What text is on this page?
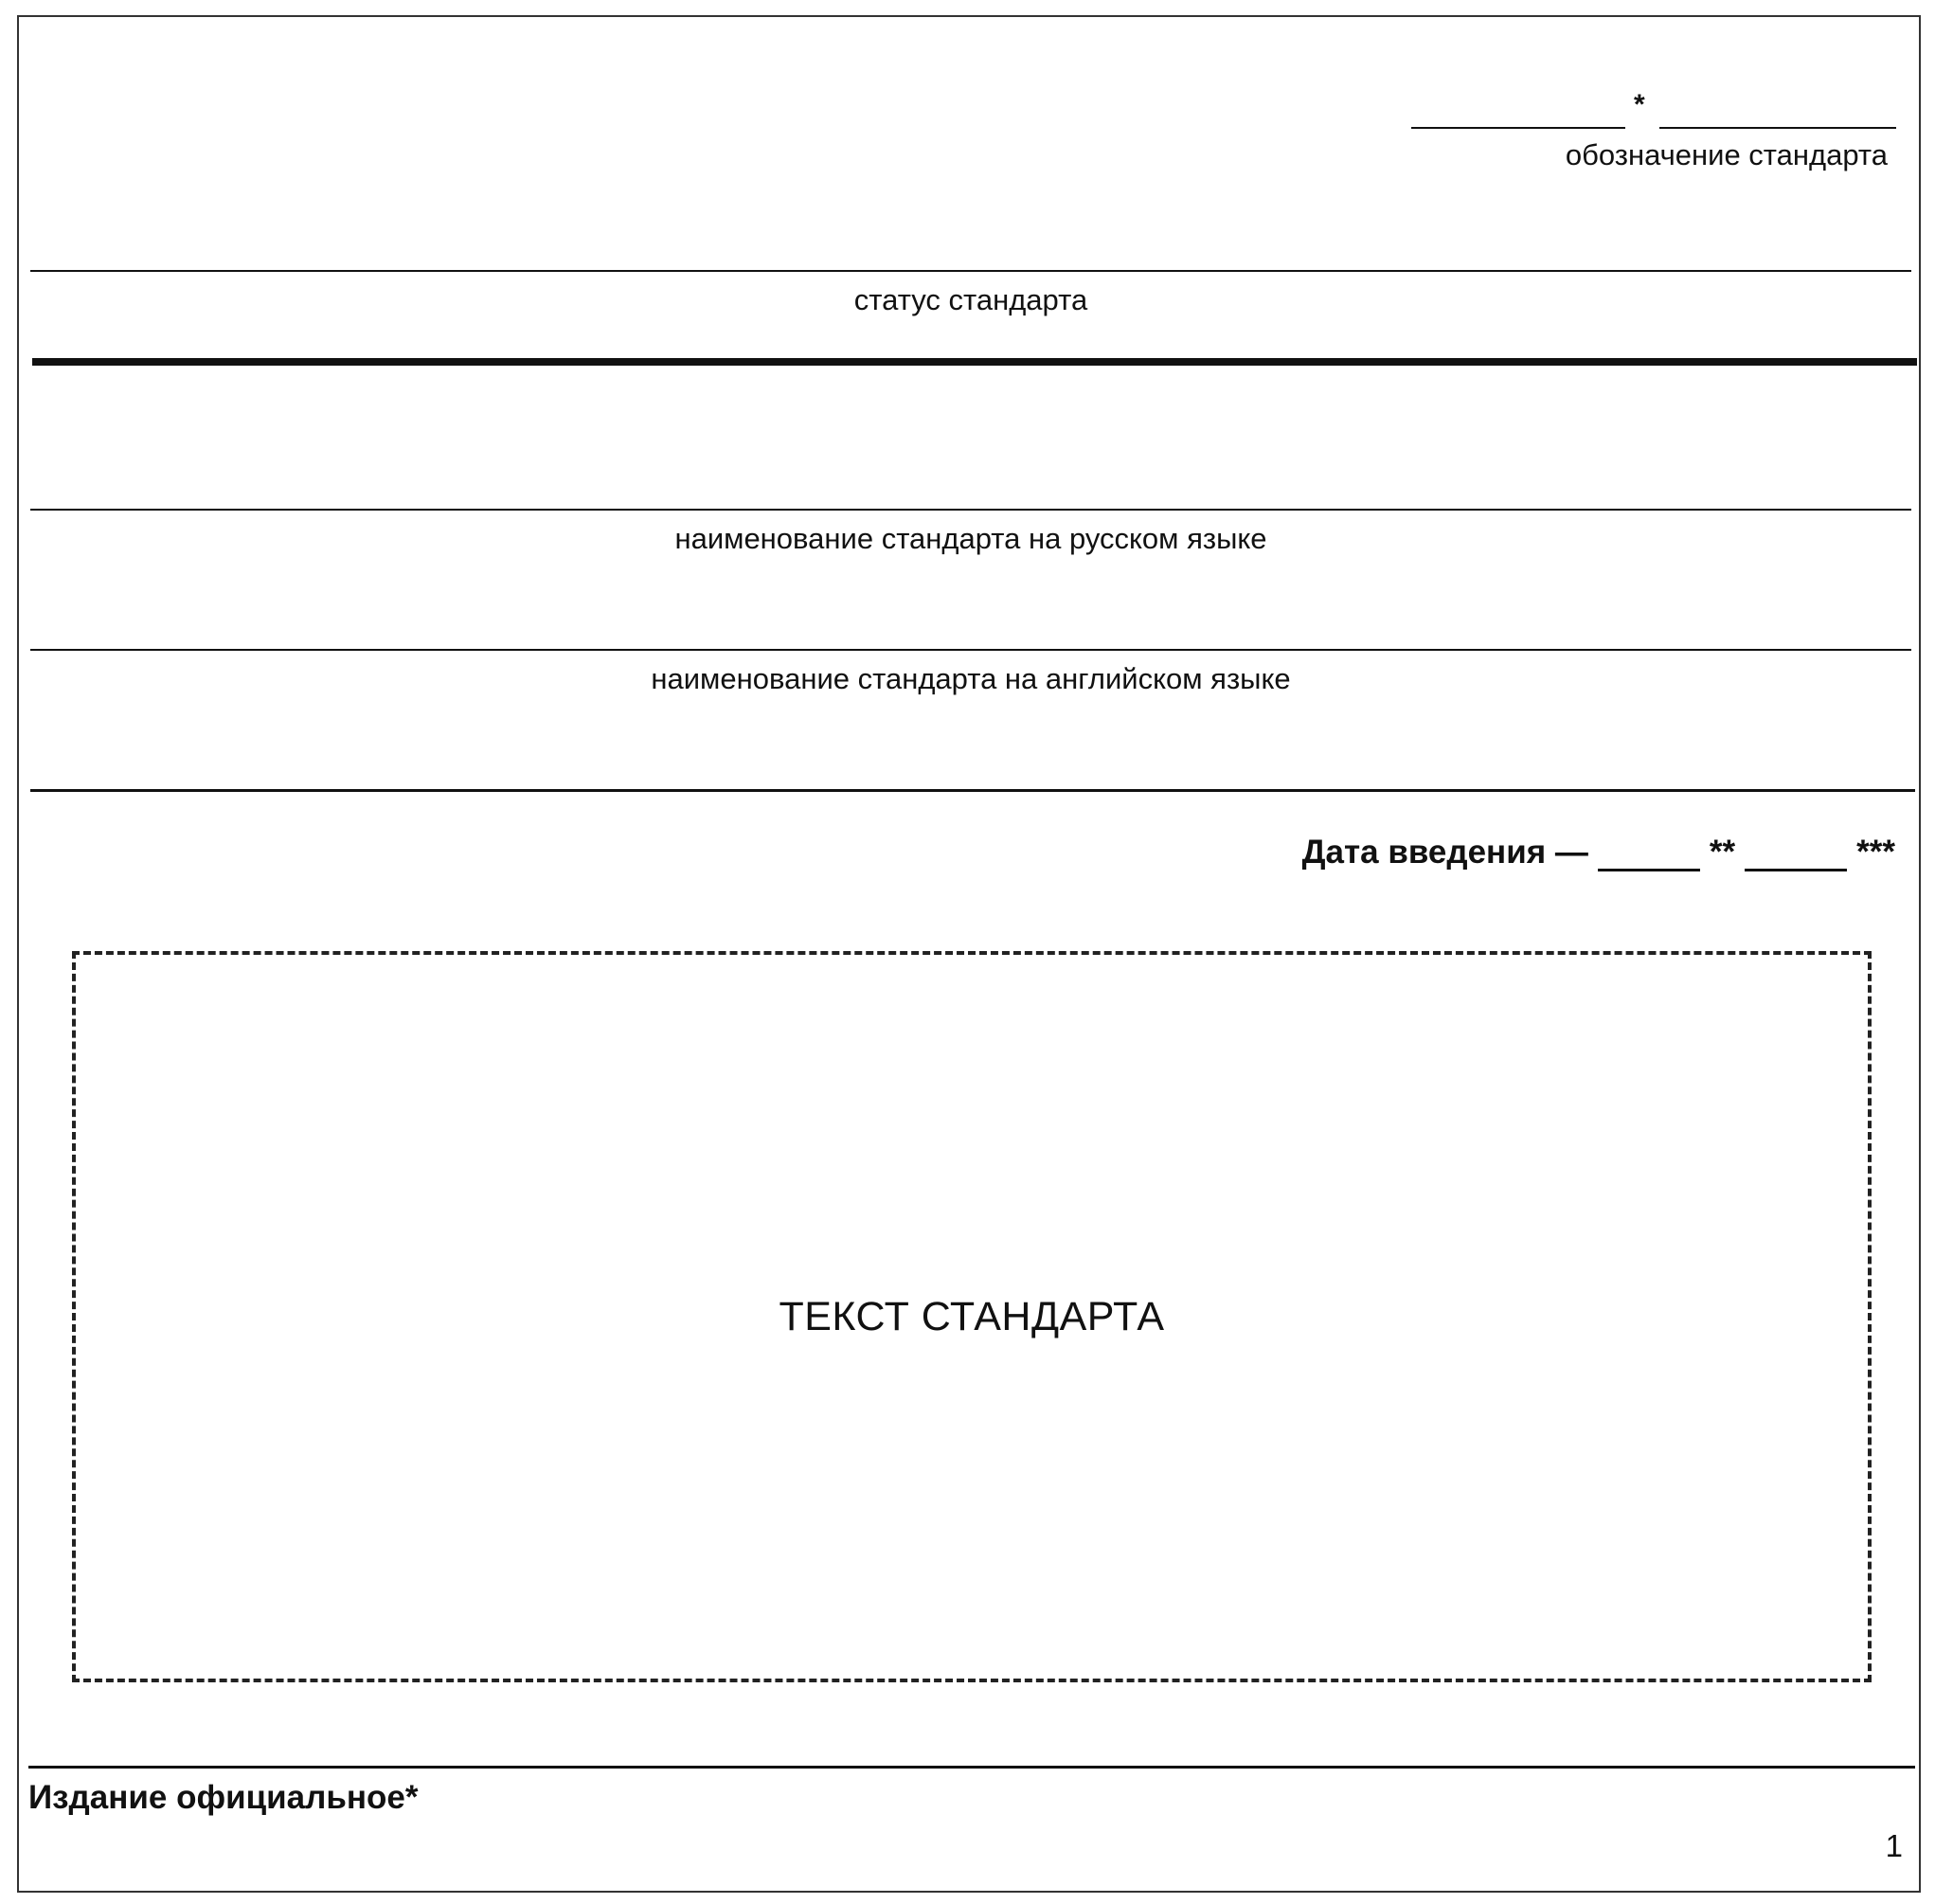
*
обозначение стандарта
статус стандарта
наименование стандарта на русском языке
наименование стандарта на английском языке
Дата введения —	**	***
ТЕКСТ СТАНДАРТА
Издание официальное*
1
